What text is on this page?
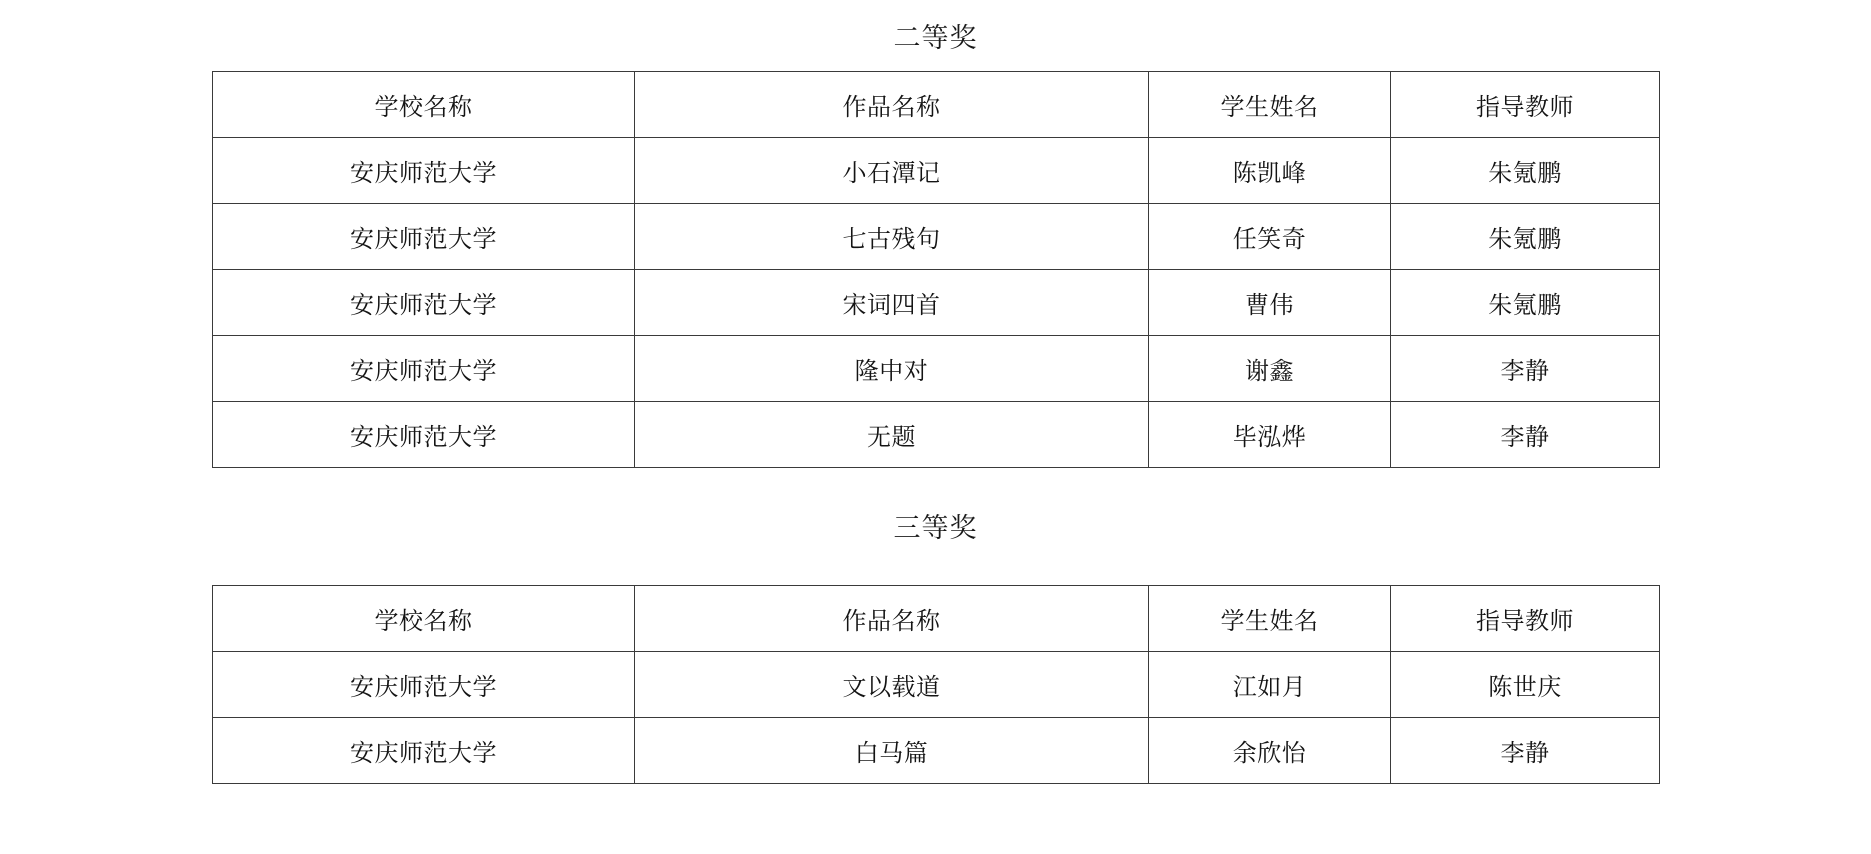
二等奖
学校名称	作品名称	学生姓名	指导教师
安庆师范大学	小石潭记	陈凯峰	朱氪鹏
安庆师范大学	七古残句	任笑奇	朱氪鹏
安庆师范大学	宋词四首	曹伟	朱氪鹏
安庆师范大学	隆中对	谢鑫	李静
安庆师范大学	无题	毕泓烨	李静
三等奖
学校名称	作品名称	学生姓名	指导教师
安庆师范大学	文以载道	江如月	陈世庆
安庆师范大学	白马篇	余欣怡	李静
